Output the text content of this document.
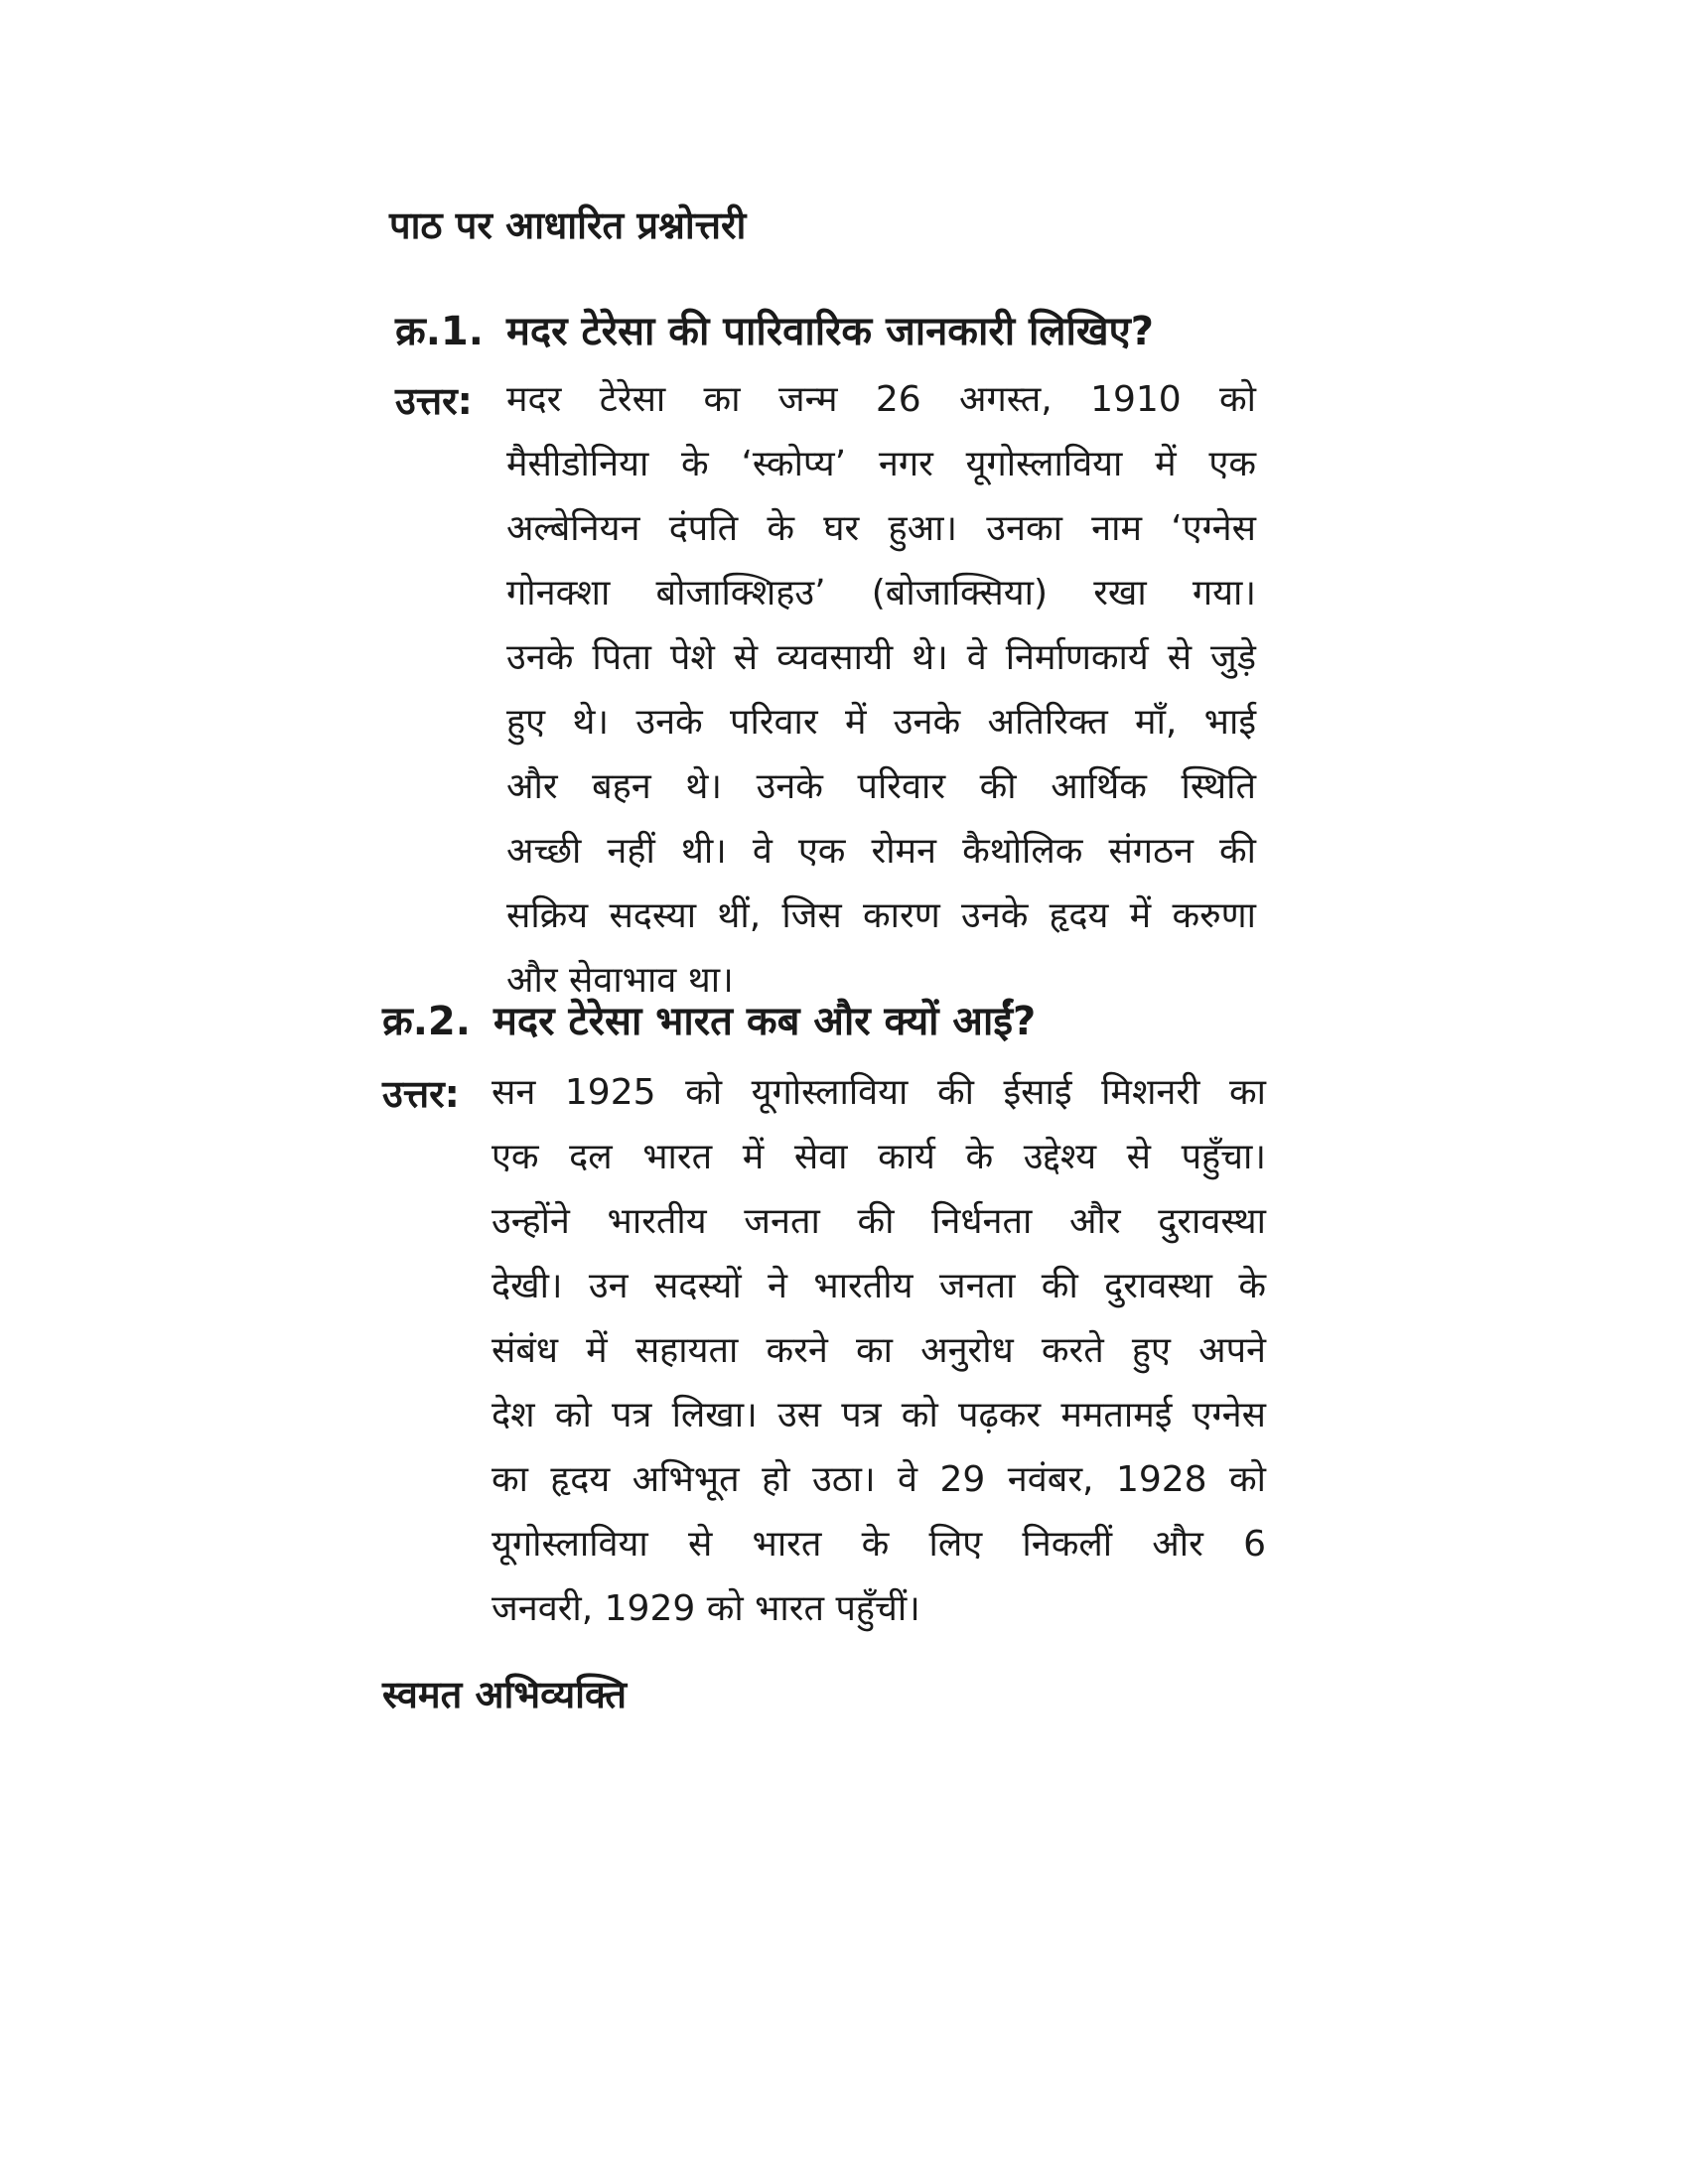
पाठ पर आधारित प्रश्नोत्तरी
क्र.1. मदर टेरेसा की पारिवारिक जानकारी लिखिए?
उत्तर: मदर टेरेसा का जन्म 26 अगस्त, 1910 को
मैसीडोनिया के ‘स्कोप्य’ नगर यूगोस्लाविया में एक
अल्बेनियन दंपति के घर हुआ। उनका नाम ‘एग्नेस
गोनक्शा बोजाक्शिहउ’ (बोजाक्सिया) रखा गया।
उनके पिता पेशे से व्यवसायी थे। वे निर्माणकार्य से जुड़े
हुए थे। उनके परिवार में उनके अतिरिक्त माँ, भाई
और बहन थे। उनके परिवार की आर्थिक स्थिति
अच्छी नहीं थी। वे एक रोमन कैथोलिक संगठन की
सक्रिय सदस्या थीं, जिस कारण उनके हृदय में करुणा
और सेवाभाव था।
क्र.2. मदर टेरेसा भारत कब और क्यों आईं?
उत्तर: सन 1925 को यूगोस्लाविया की ईसाई मिशनरी का
एक दल भारत में सेवा कार्य के उद्देश्य से पहुँचा।
उन्होंने भारतीय जनता की निर्धनता और दुरावस्था
देखी। उन सदस्यों ने भारतीय जनता की दुरावस्था के
संबंध में सहायता करने का अनुरोध करते हुए अपने
देश को पत्र लिखा। उस पत्र को पढ़कर ममतामई एग्नेस
का हृदय अभिभूत हो उठा। वे 29 नवंबर, 1928 को
यूगोस्लाविया से भारत के लिए निकलीं और 6
जनवरी, 1929 को भारत पहुँचीं।
स्वमत अभिव्यक्ति
